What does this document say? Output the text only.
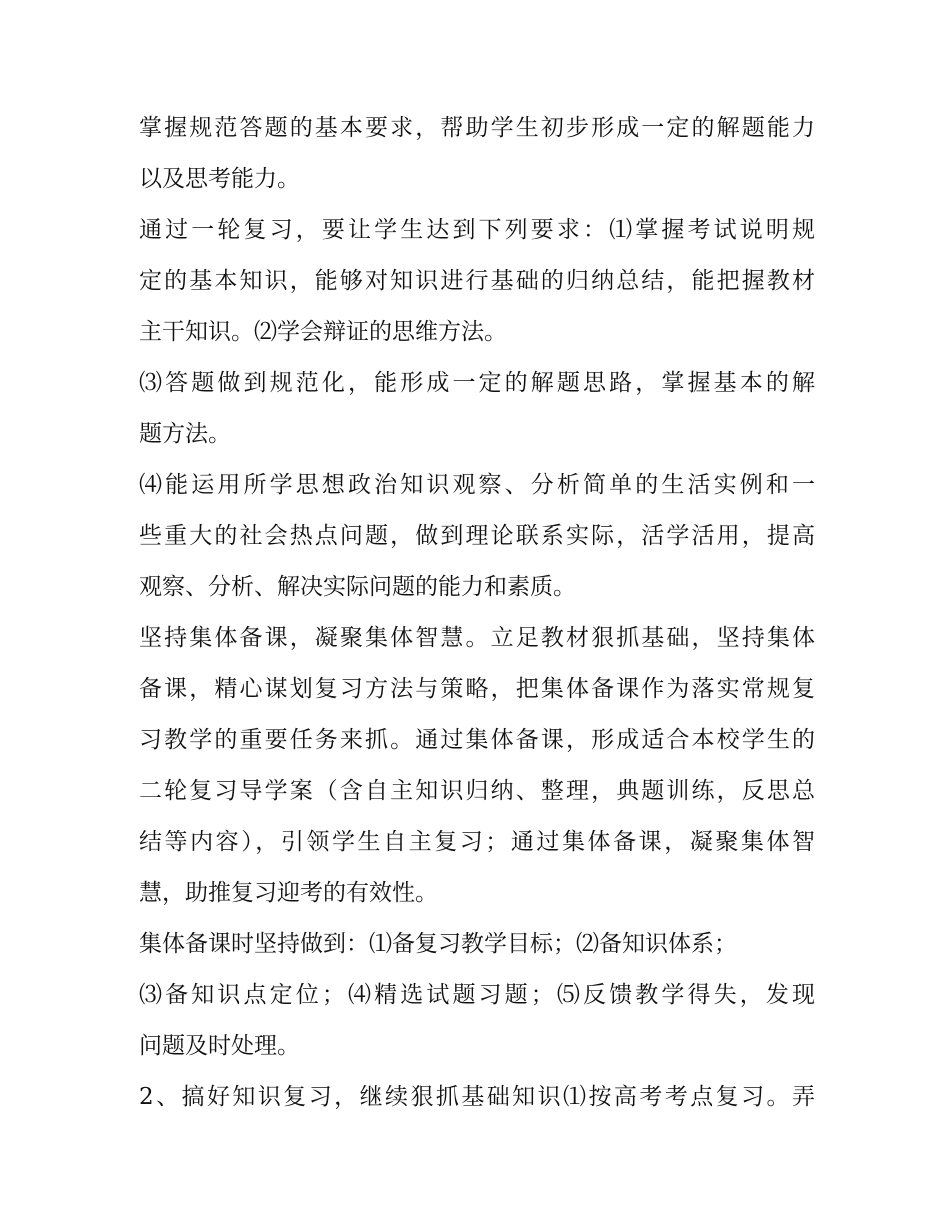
掌握规范答题的基本要求，帮助学生初步形成一定的解题能力
以及思考能力。
通过一轮复习，要让学生达到下列要求：⑴掌握考试说明规
定的基本知识，能够对知识进行基础的归纳总结，能把握教材
主干知识。⑵学会辩证的思维方法。
⑶答题做到规范化，能形成一定的解题思路，掌握基本的解
题方法。
⑷能运用所学思想政治知识观察、分析简单的生活实例和一
些重大的社会热点问题，做到理论联系实际，活学活用，提高
观察、分析、解决实际问题的能力和素质。
坚持集体备课，凝聚集体智慧。立足教材狠抓基础，坚持集体
备课，精心谋划复习方法与策略，把集体备课作为落实常规复
习教学的重要任务来抓。通过集体备课，形成适合本校学生的
二轮复习导学案（含自主知识归纳、整理，典题训练，反思总
结等内容），引领学生自主复习；通过集体备课，凝聚集体智
慧，助推复习迎考的有效性。
集体备课时坚持做到：⑴备复习教学目标；⑵备知识体系；
⑶备知识点定位；⑷精选试题习题；⑸反馈教学得失，发现
问题及时处理。
2、搞好知识复习，继续狠抓基础知识⑴按高考考点复习。弄
